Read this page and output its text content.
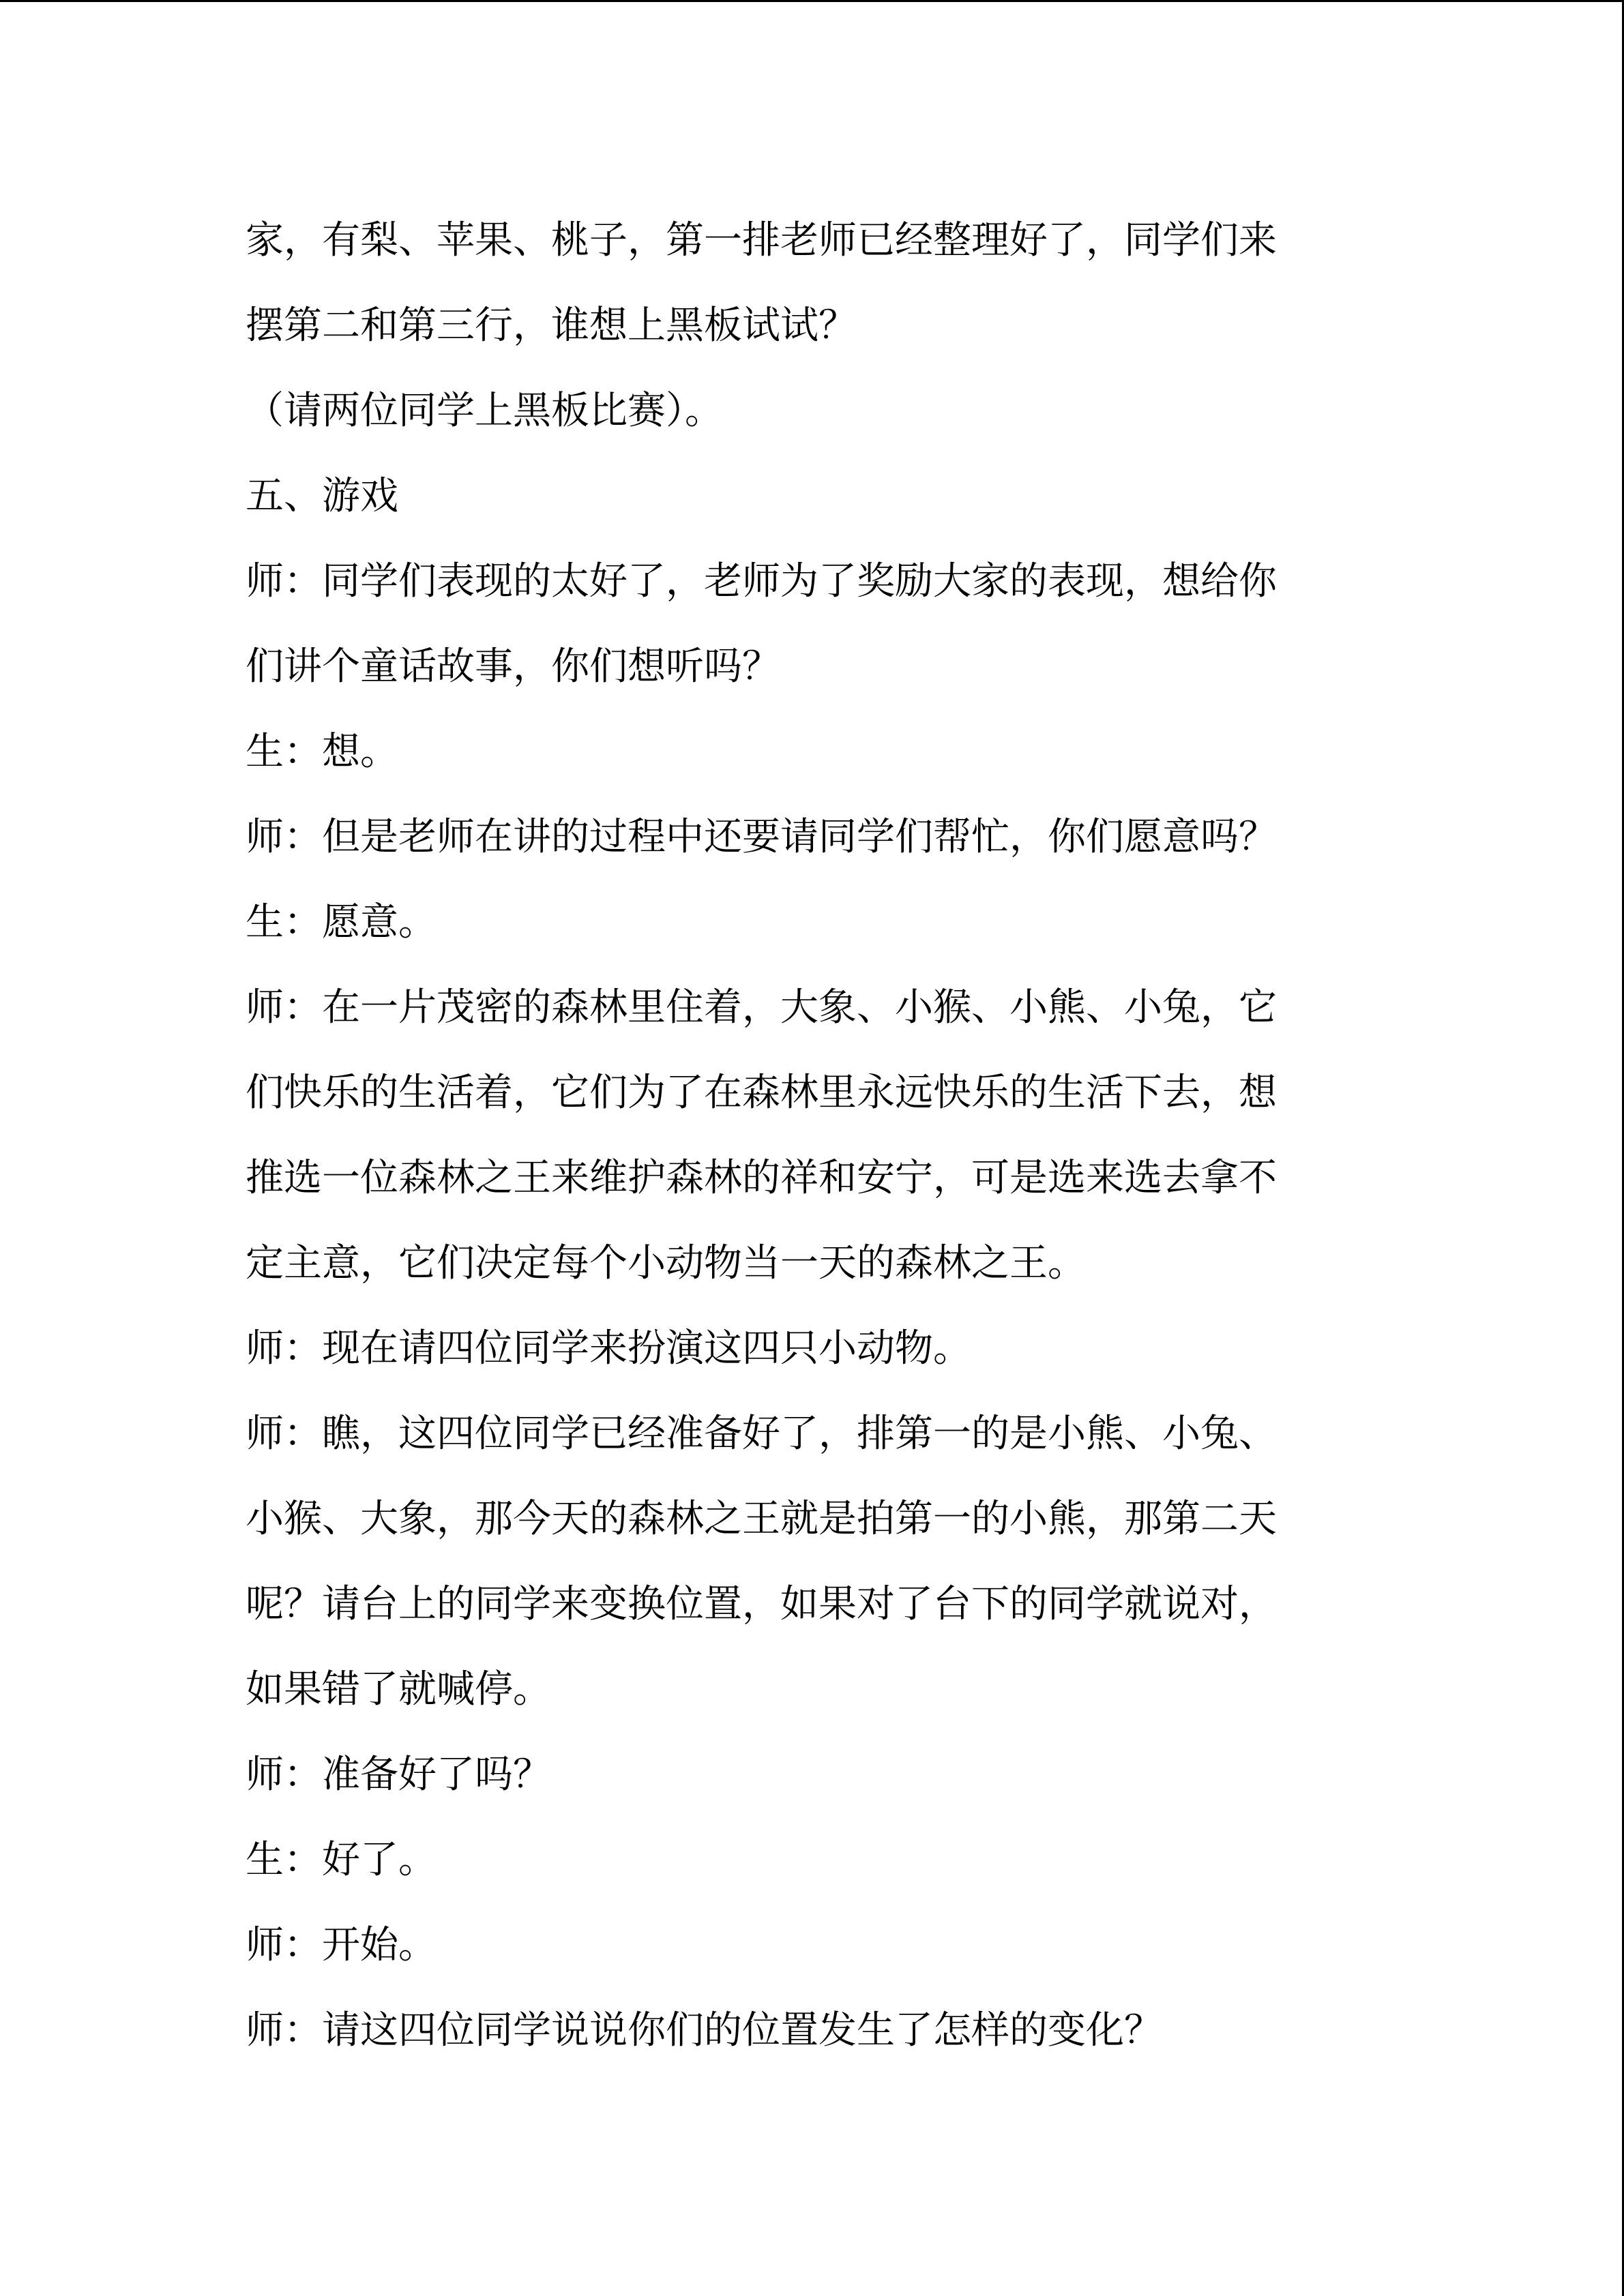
家，有梨、苹果、桃子，第一排老师已经整理好了，同学们来

摆第二和第三行，谁想上黑板试试？

（请两位同学上黑板比赛）。

五、游戏

师：同学们表现的太好了，老师为了奖励大家的表现，想给你

们讲个童话故事，你们想听吗？

生：想。

师：但是老师在讲的过程中还要请同学们帮忙，你们愿意吗？

生：愿意。

师：在一片茂密的森林里住着，大象、小猴、小熊、小兔，它

们快乐的生活着，它们为了在森林里永远快乐的生活下去，想

推选一位森林之王来维护森林的祥和安宁，可是选来选去拿不

定主意，它们决定每个小动物当一天的森林之王。

师：现在请四位同学来扮演这四只小动物。

师：瞧，这四位同学已经准备好了，排第一的是小熊、小兔、

小猴、大象，那今天的森林之王就是拍第一的小熊，那第二天

呢？请台上的同学来变换位置，如果对了台下的同学就说对，

如果错了就喊停。

师：准备好了吗？

生：好了。

师：开始。

师：请这四位同学说说你们的位置发生了怎样的变化？
